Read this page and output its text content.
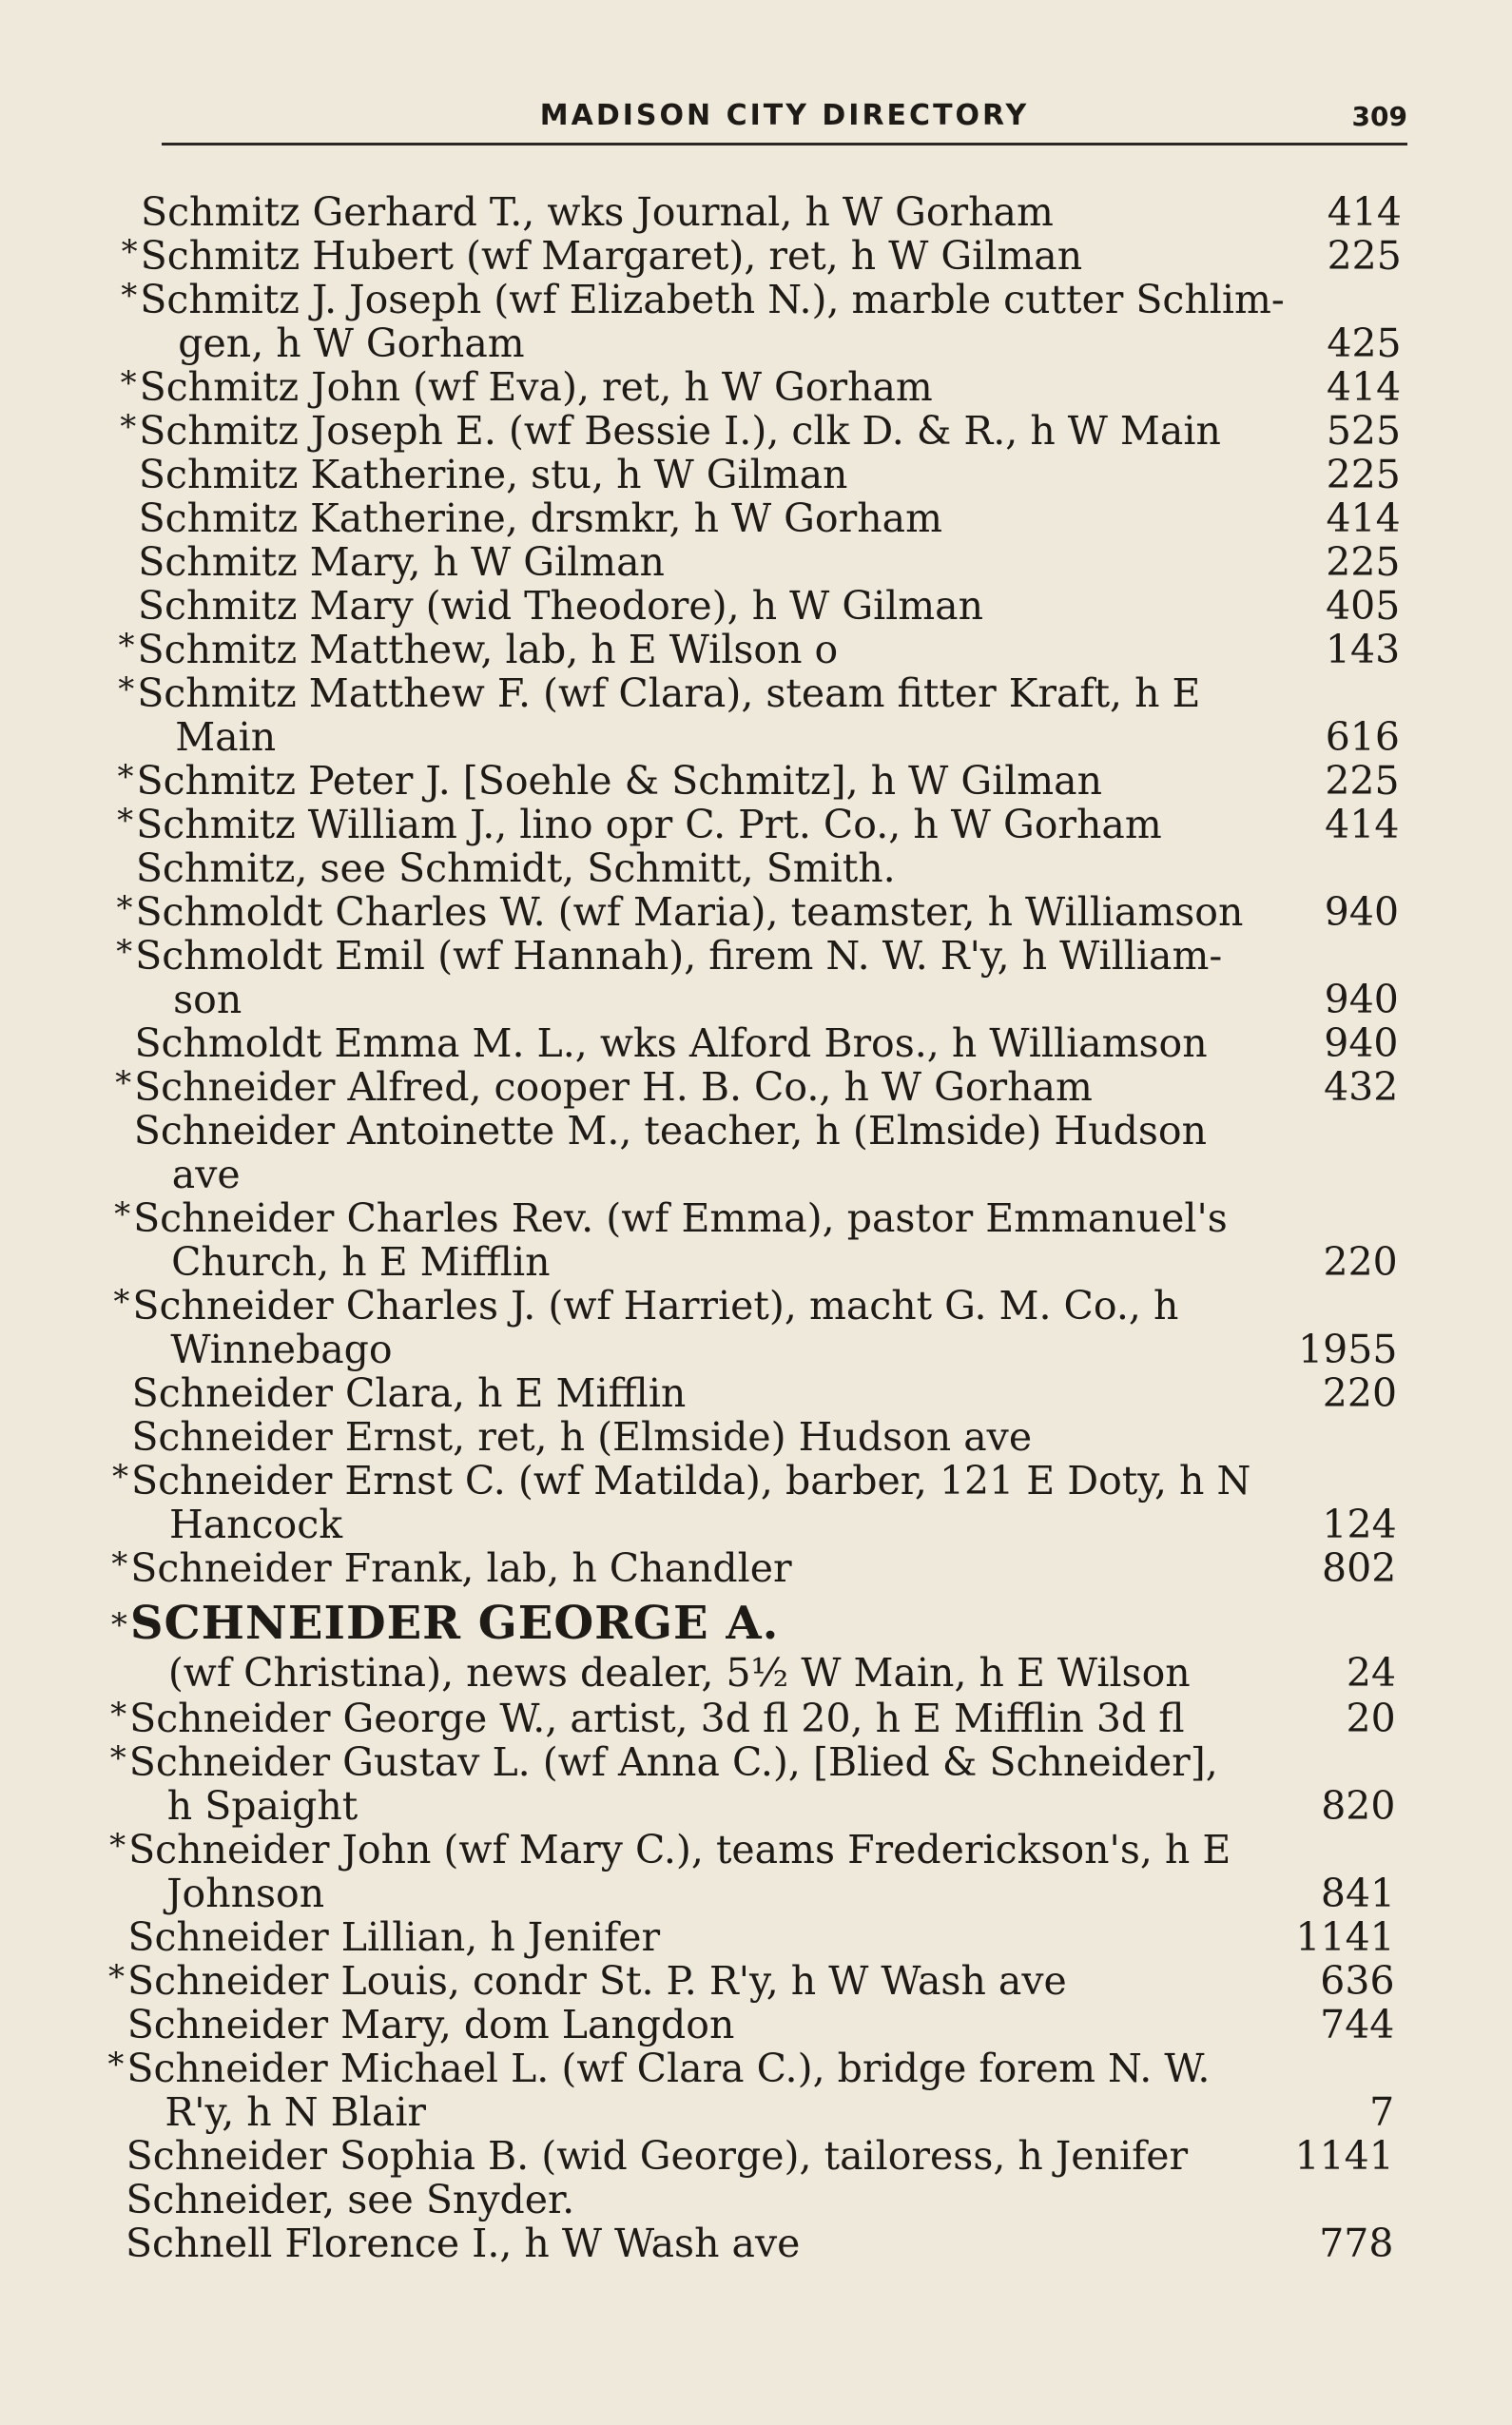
MADISON CITY DIRECTORY	309
Schmitz Gerhard T., wks Journal, h W Gorham	414
* Schmitz Hubert (wf Margaret), ret, h W Gilman	225
* Schmitz J. Joseph (wf Elizabeth N.), marble cutter Schlim-
gen, h W Gorham	425
* Schmitz John (wf Eva), ret, h W Gorham	414
* Schmitz Joseph E. (wf Bessie I.), clk D. & R., h W Main	525
Schmitz Katherine, stu, h W Gilman	225
Schmitz Katherine, drsmkr, h W Gorham	414
Schmitz Mary, h W Gilman	225
Schmitz Mary (wid Theodore), h W Gilman	405
* Schmitz Matthew, lab, h E Wilson o	143
* Schmitz Matthew F. (wf Clara), steam fitter Kraft, h E
Main	616
* Schmitz Peter J. [Soehle & Schmitz], h W Gilman	225
* Schmitz William J., lino opr C. Prt. Co., h W Gorham	414
Schmitz, see Schmidt, Schmitt, Smith.
* Schmoldt Charles W. (wf Maria), teamster, h Williamson 940
* Schmoldt Emil (wf Hannah), firem N. W. R'y, h William-
son	940
Schmoldt Emma M. L., wks Alford Bros., h Williamson	940
* Schneider Alfred, cooper H. B. Co., h W Gorham	432
Schneider Antoinette M., teacher, h (Elmside) Hudson
ave
* Schneider Charles Rev. (wf Emma), pastor Emmanuel's
Church, h E Mifflin	220
* Schneider Charles J. (wf Harriet), macht G. M. Co., h
Winnebago	1955
Schneider Clara, h E Mifflin	220
Schneider Ernst, ret, h (Elmside) Hudson ave
* Schneider Ernst C. (wf Matilda), barber, 121 E Doty, h N
Hancock	124
* Schneider Frank, lab, h Chandler	802
* SCHNEIDER GEORGE A.
(wf Christina), news dealer, 5½ W Main, h E Wilson	24
* Schneider George W., artist, 3d fl 20, h E Mifflin 3d fl	20
* Schneider Gustav L. (wf Anna C.), [Blied & Schneider],
h Spaight	820
* Schneider John (wf Mary C.), teams Frederickson's, h E
Johnson	841
Schneider Lillian, h Jenifer	1141
* Schneider Louis, condr St. P. R'y, h W Wash ave	636
Schneider Mary, dom Langdon	744
* Schneider Michael L. (wf Clara C.), bridge forem N. W.
R'y, h N Blair	7
Schneider Sophia B. (wid George), tailoress, h Jenifer	1141
Schneider, see Snyder.
Schnell Florence I., h W Wash ave	778
